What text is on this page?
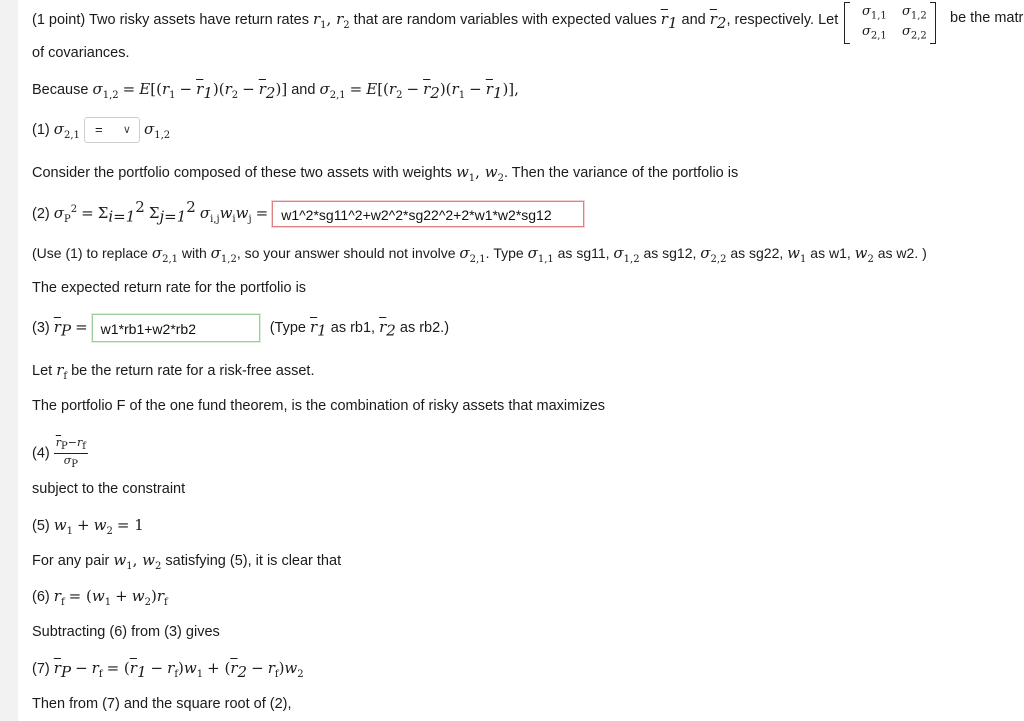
(1 point) Two risky assets have return rates $r_1$, $r_2$ that are random variables with expected values $\overline{r}_1$ and $\overline{r}_2$, respectively. Let
$\sigma_{1,1}$ $\sigma_{1,2}$
$\sigma_{2,1}$ $\sigma_{2,2}$
be the matr
of covariances.
Because $\sigma_{1,2} = E[(r_1 - \overline{r}_1)(r_2 - \overline{r}_2)]$ and $\sigma_{2,1} = E[(r_2 - \overline{r}_2)(r_1 - \overline{r}_1)]$,
(1) $\sigma_{2,1}$ = ∨ $\sigma_{1,2}$
Consider the portfolio composed of these two assets with weights $w_1$, $w_2$. Then the variance of the portfolio is
(2) $\sigma_P^2 = \Sigma_{i=1}^2$ $\Sigma_{j=1}^2$ $\sigma_{i,j}w_iw_j$ = w1^2*sg11^2+w2^2*sg22^2+2*w1*w2*sg12
(Use (1) to replace $\sigma_{2,1}$ with $\sigma_{1,2}$, so your answer should not involve $\sigma_{2,1}$. Type $\sigma_{1,1}$ as sg11, $\sigma_{1,2}$ as sg12, $\sigma_{2,2}$ as sg22, $w_1$ as w1, $w_2$ as w2. )
The expected return rate for the portfolio is
(3) $\overline{r}_P = w1*rb1+w2*rb2$	(Type $\overline{r}_1$ as rb1, $\overline{r}_2$ as rb2.)
Let $r_f$ be the return rate for a risk-free asset.
The portfolio F of the one fund theorem, is the combination of risky assets that maximizes
$(4) \frac{\overline{r}_P-r_f}{\sigma_P}$
subject to the constraint
(5) $w_1 + w_2 = 1$
For any pair $w_1$, $w_2$ satisfying (5), it is clear that
(6) $r_f = (w_1 + w_2)r_f$
Subtracting (6) from (3) gives
(7) $\overline{r}_P - r_f = (\overline{r}_1 - r_f)w_1 + (\overline{r}_2 - r_f)w_2$
Then from (7) and the square root of (2),
